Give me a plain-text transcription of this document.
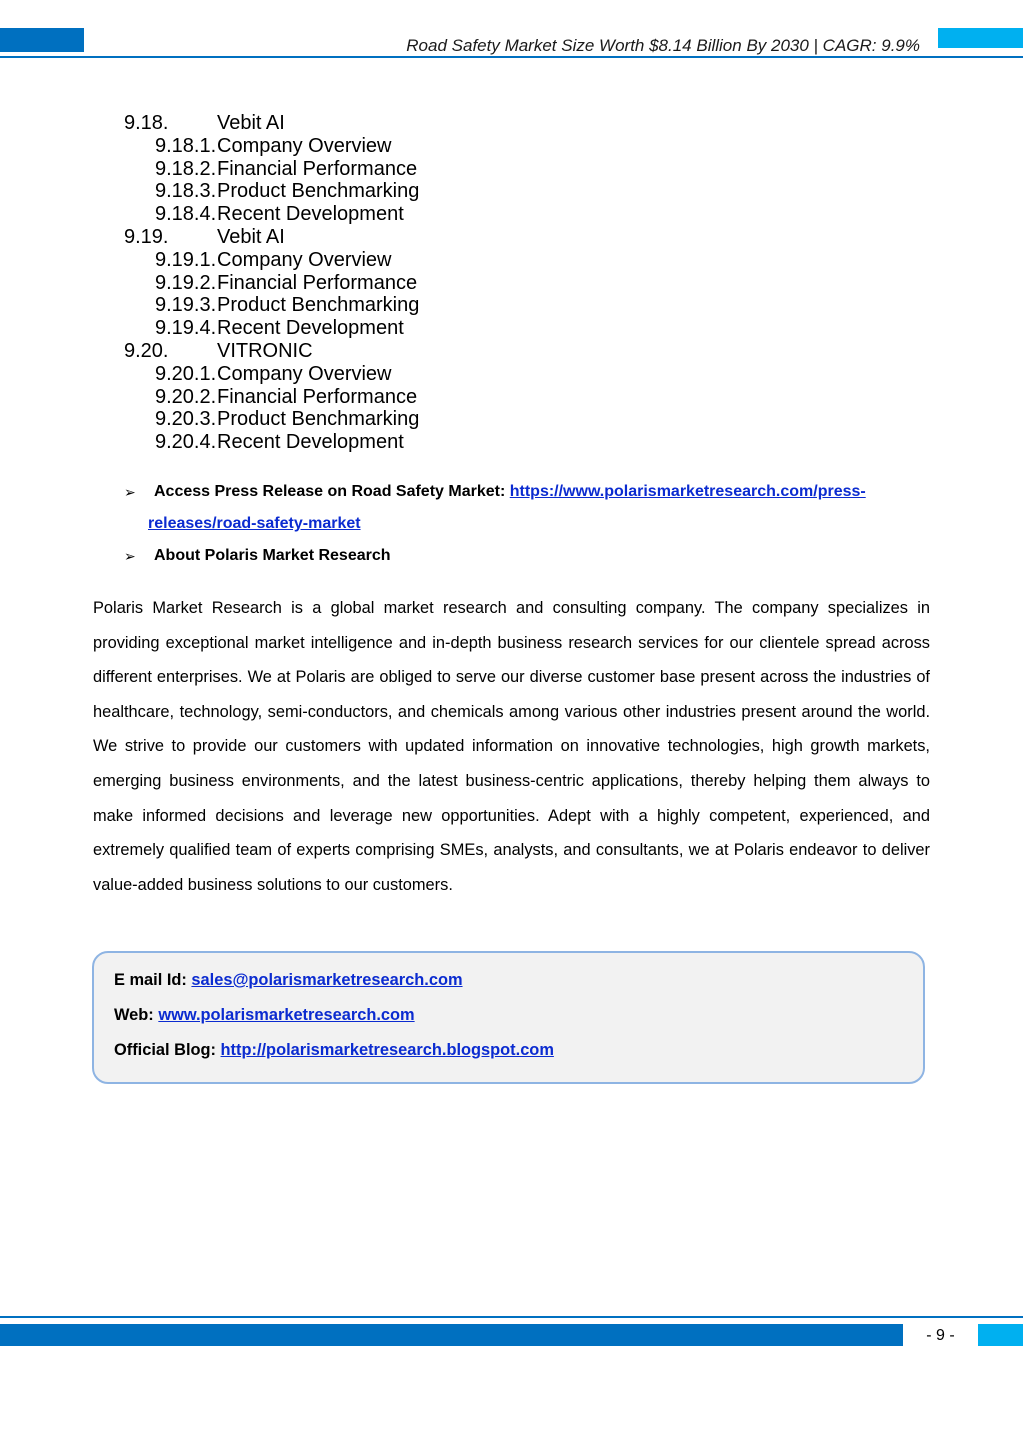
Road Safety Market Size Worth $8.14 Billion By 2030 | CAGR: 9.9%
9.18.	Vebit AI
9.18.1. Company Overview
9.18.2. Financial Performance
9.18.3. Product Benchmarking
9.18.4. Recent Development
9.19.	Vebit AI
9.19.1. Company Overview
9.19.2. Financial Performance
9.19.3. Product Benchmarking
9.19.4. Recent Development
9.20.	VITRONIC
9.20.1. Company Overview
9.20.2. Financial Performance
9.20.3. Product Benchmarking
9.20.4. Recent Development
➢ Access Press Release on Road Safety Market: https://www.polarismarketresearch.com/press-
releases/road-safety-market
➢ About Polaris Market Research
Polaris Market Research is a global market research and consulting company. The company specializes in providing exceptional market intelligence and in-depth business research services for our clientele spread across different enterprises. We at Polaris are obliged to serve our diverse customer base present across the industries of healthcare, technology, semi-conductors, and chemicals among various other industries present around the world. We strive to provide our customers with updated information on innovative technologies, high growth markets, emerging business environments, and the latest business-centric applications, thereby helping them always to make informed decisions and leverage new opportunities. Adept with a highly competent, experienced, and extremely qualified team of experts comprising SMEs, analysts, and consultants, we at Polaris endeavor to deliver value-added business solutions to our customers.
E mail Id: sales@polarismarketresearch.com
Web: www.polarismarketresearch.com
Official Blog: http://polarismarketresearch.blogspot.com
- 9 -
